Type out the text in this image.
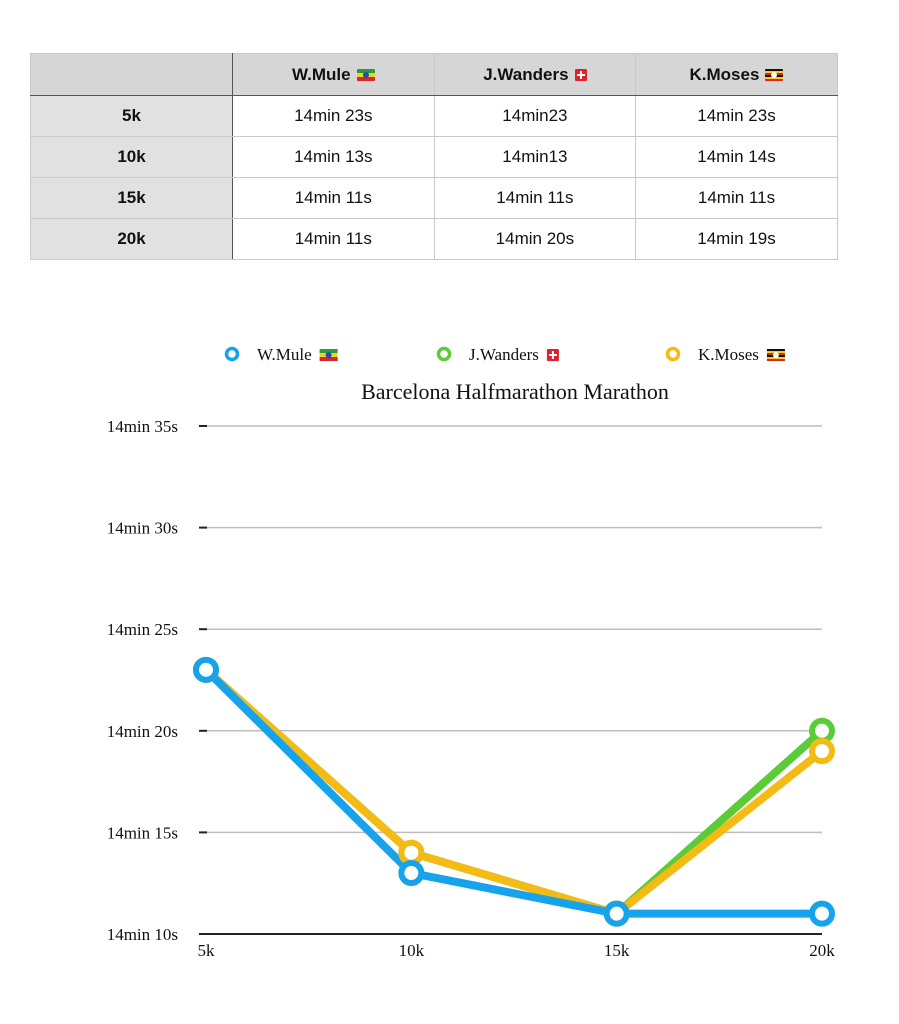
	W.Mule	J.Wanders	K.Moses
5k	14min 23s	14min23	14min 23s
10k	14min 13s	14min13	14min 14s
15k	14min 11s	14min 11s	14min 11s
20k	14min 11s	14min 20s	14min 19s
Barcelona Halfmarathon Marathon
W.Mule	J.Wanders	K.Moses
14min 10s
14min 15s
14min 20s
14min 25s
14min 30s
14min 35s
5k	10k	15k	20k
